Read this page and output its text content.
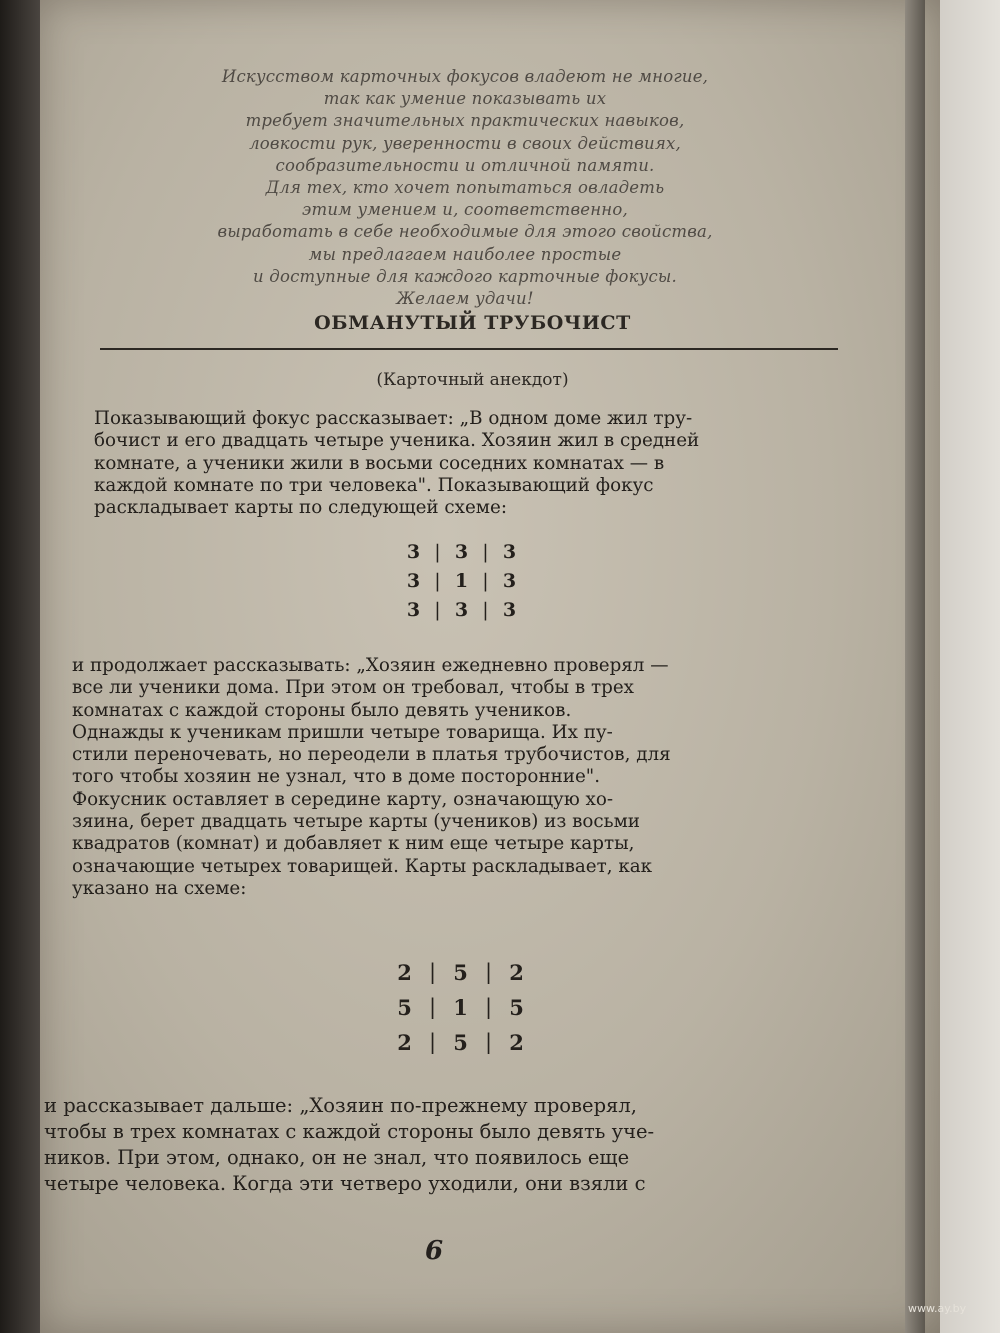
Искусством карточных фокусов владеют не многие,
так как умение показывать их
требует значительных практических навыков,
ловкости рук, уверенности в своих действиях,
сообразительности и отличной памяти.
Для тех, кто хочет попытаться овладеть
этим умением и, соответственно,
выработать в себе необходимые для этого свойства,
мы предлагаем наиболее простые
и доступные для каждого карточные фокусы.
Желаем удачи!
ОБМАНУТЫЙ ТРУБОЧИСТ
(Карточный анекдот)
Показывающий фокус рассказывает: „В одном доме жил тру-
бочист и его двадцать четыре ученика. Хозяин жил в средней
комнате, а ученики жили в восьми соседних комнатах — в
каждой комнате по три человека". Показывающий фокус
раскладывает карты по следующей схеме:
3 | 3 | 3
3 | 1 | 3
3 | 3 | 3
и продолжает рассказывать: „Хозяин ежедневно проверял —
все ли ученики дома. При этом он требовал, чтобы в трех
комнатах с каждой стороны было девять учеников.
Однажды к ученикам пришли четыре товарища. Их пу-
стили переночевать, но переодели в платья трубочистов, для
того чтобы хозяин не узнал, что в доме посторонние".
Фокусник оставляет в середине карту, означающую хо-
зяина, берет двадцать четыре карты (учеников) из восьми
квадратов (комнат) и добавляет к ним еще четыре карты,
означающие четырех товарищей. Карты раскладывает, как
указано на схеме:
2 | 5 | 2
5 | 1 | 5
2 | 5 | 2
и рассказывает дальше: „Хозяин по-прежнему проверял,
чтобы в трех комнатах с каждой стороны было девять уче-
ников. При этом, однако, он не знал, что появилось еще
четыре человека. Когда эти четверо уходили, они взяли с
6
www.ay.by
